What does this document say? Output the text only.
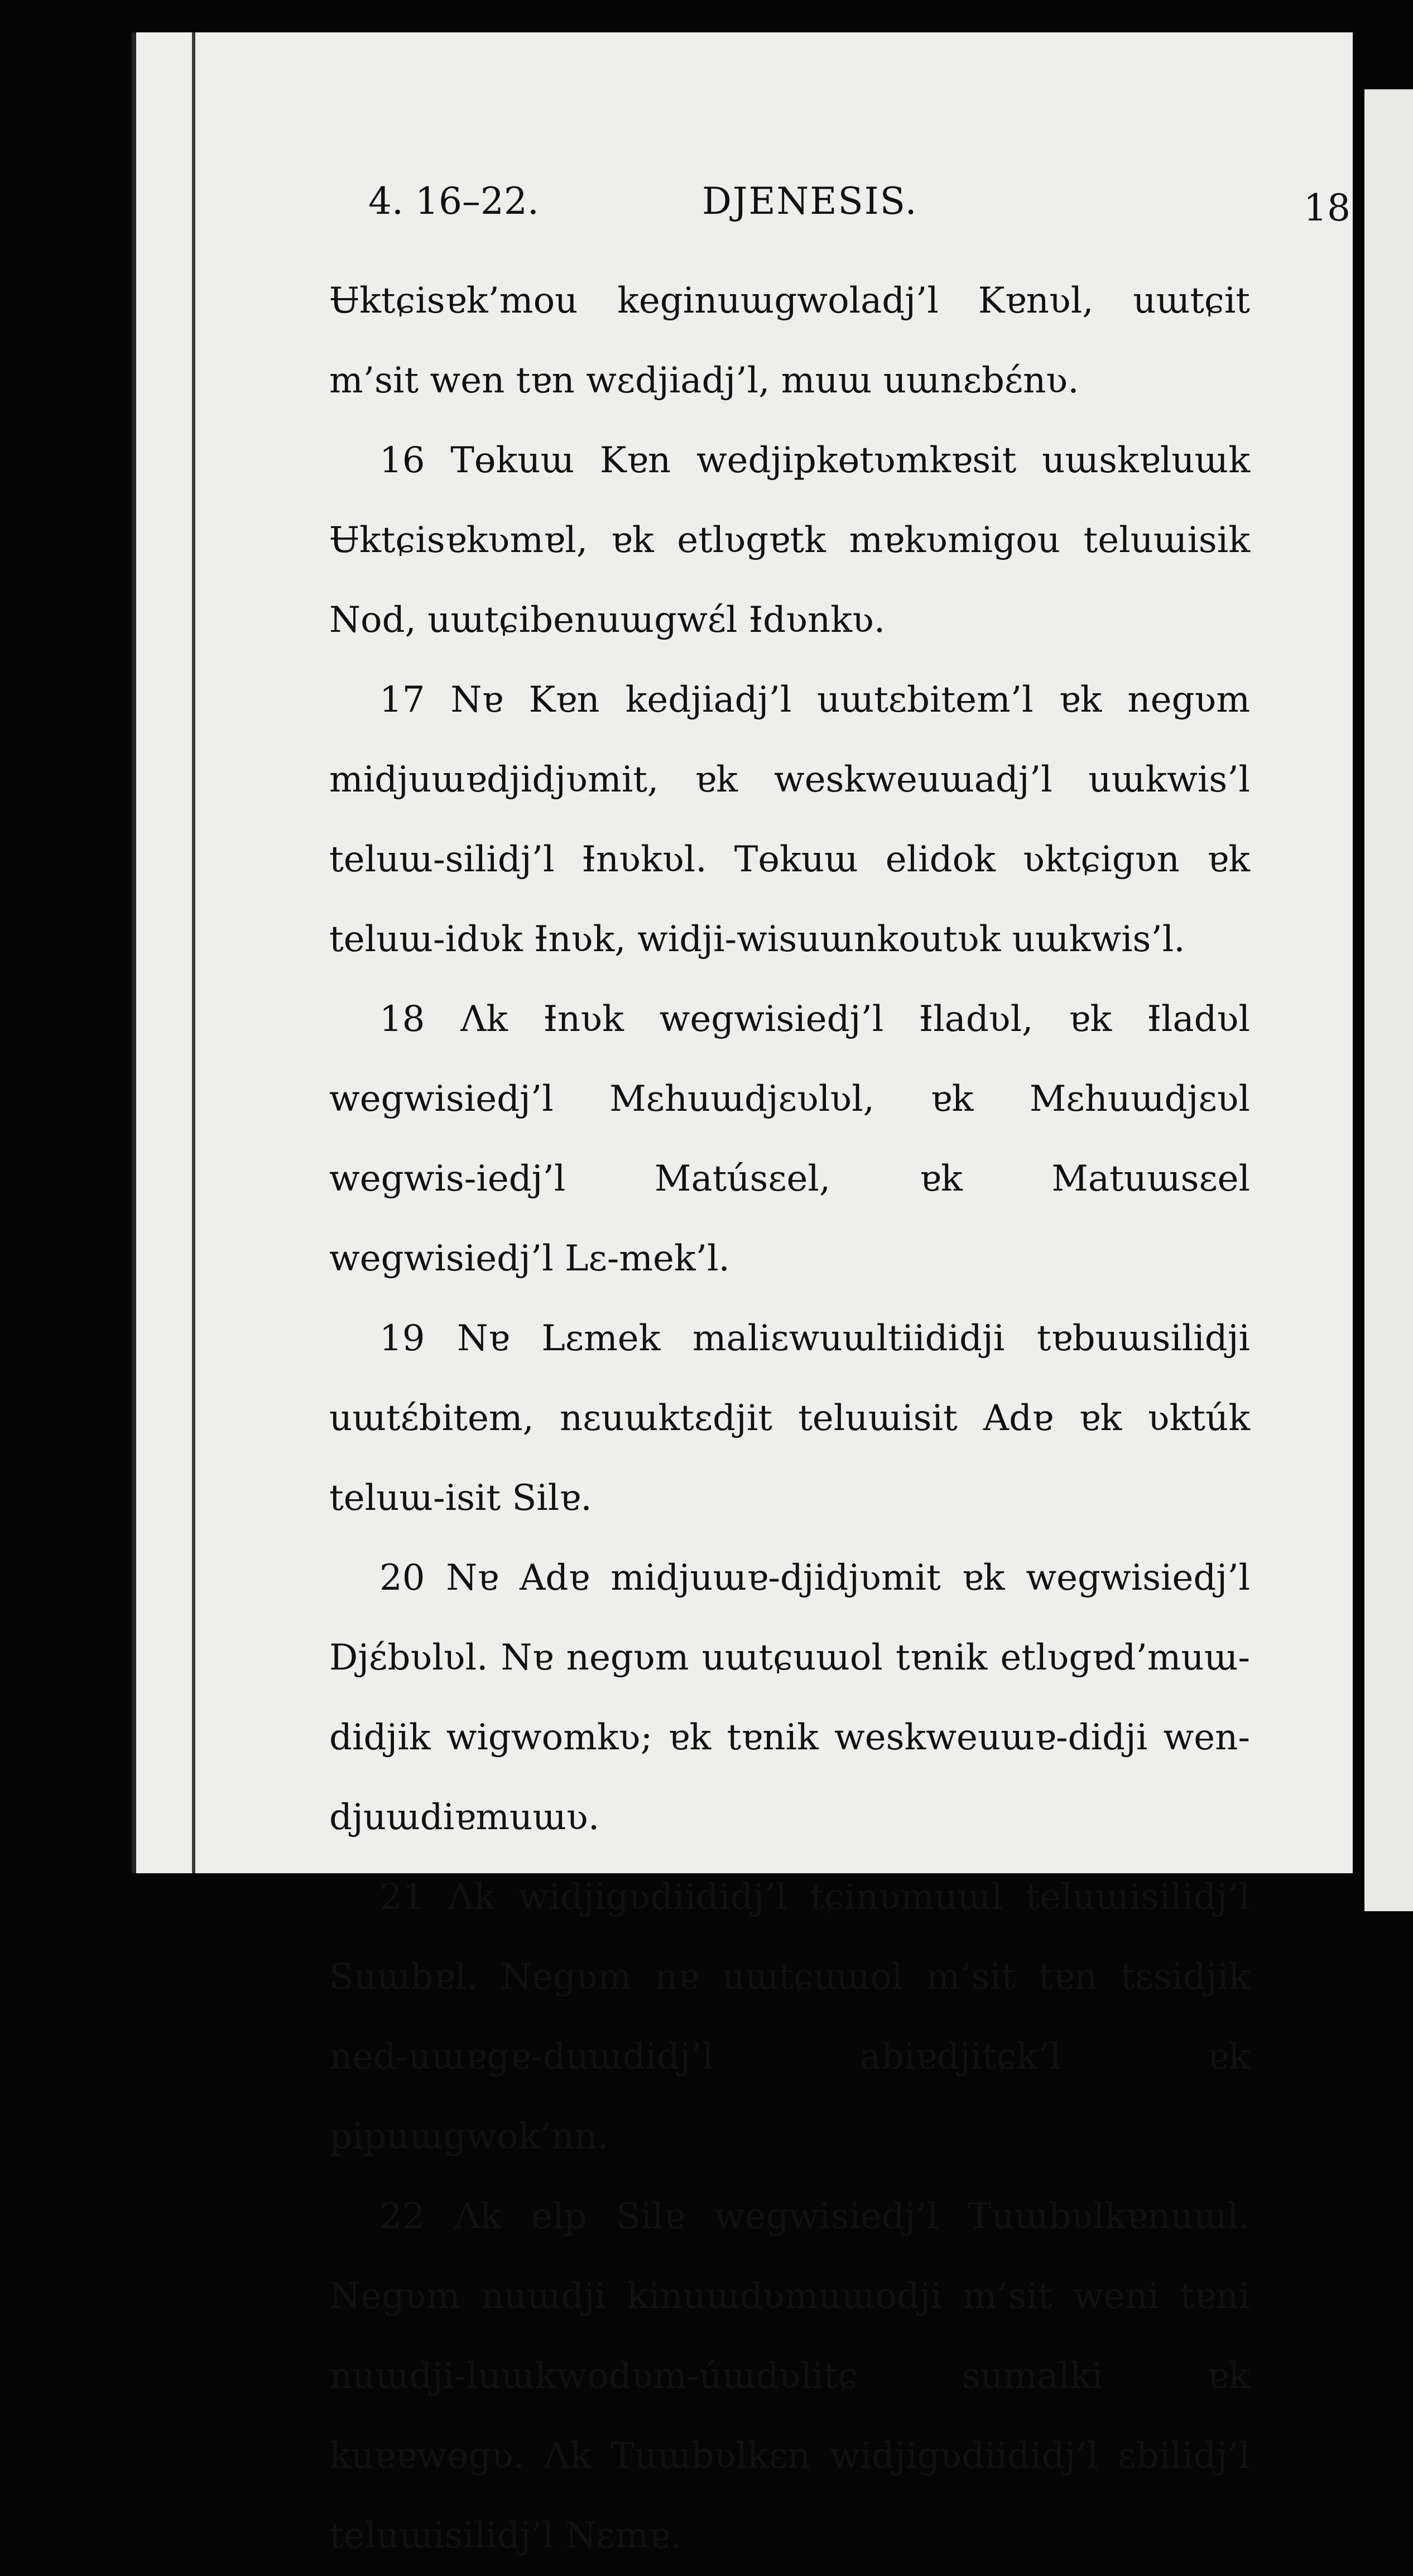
4. 16–22.	DJENESIS.	18

Ʉktɕisɐk’mou keginuɯgwoladj’l Kɐnʋl, uɯtɕit m’sit wen tɐn wɛdjiadj’l, muɯ uɯnɛbɛ́nʋ.

16 Tɵkuɯ Kɐn wedjipkɵtʋmkɐsit uɯskɐluɯk Ʉktɕisɐkʋmɐl, ɐk etlʋgɐtk mɐkʋmigou teluɯisik Nod, uɯtɕibenuɯgwɛ́l Ɨdʋnkʋ.

17 Nɐ Kɐn kedjiadj’l uɯtɛbitem’l ɐk negʋm midjuɯɐdjidjʋmit, ɐk weskweuɯadj’l uɯkwis’l teluɯ-silidj’l Ɨnʋkʋl. Tɵkuɯ elidok ʋktɕigʋn ɐk teluɯ-idʋk Ɨnʋk, widji-wisuɯnkoutʋk uɯkwis’l.

18 Ʌk Ɨnʋk wegwisiedj’l Ɨladʋl, ɐk Ɨladʋl wegwisiedj’l Mɛhuɯdjɛʋlʋl, ɐk Mɛhuɯdjɛʋl wegwis-iedj’l Matúsɛel, ɐk Matuɯsɛel wegwisiedj’l Lɛ-mek’l.

19 Nɐ Lɛmek maliɛwuɯltiididji tɐbuɯsilidji uɯtɛ́bitem, nɛuɯktɛdjit teluɯisit Adɐ ɐk ʋktúk teluɯ-isit Silɐ.

20 Nɐ Adɐ midjuɯɐ-djidjʋmit ɐk wegwisiedj’l Djɛ́bʋlʋl. Nɐ negʋm uɯtɕuɯol tɐnik etlʋgɐd’muɯ-didjik wigwomkʋ; ɐk tɐnik weskweuɯɐ-didji wen-djuɯdiɐmuɯʋ.

21 Ʌk widjigʋdiididj’l tɕinʋmuɯl teluɯisilidj’l Suɯbɐl. Negʋm nɐ uɯtɕuɯol m’sit tɐn tɛsidjik ned-uɯɐgɐ-duɯdidj’l abiɐdjitɕk’l ɐk pipuɯgwok’nn.

22 Ʌk elp Silɐ wegwisiedj’l Tuɯbʋlkɐnuɯl. Negʋm nuɯdji kinuɯdʋmuɯodji m’sit weni tɐni nuɯdji-luɯkwodʋm-úɯdʋlitɕ sumalki ɐk kuɐɐwɵgʋ. Ʌk Tuɯbʋlkɛn widjigʋdiididj’l ɛbilidj’l teluɯisilidj’l Nɛmɐ.
